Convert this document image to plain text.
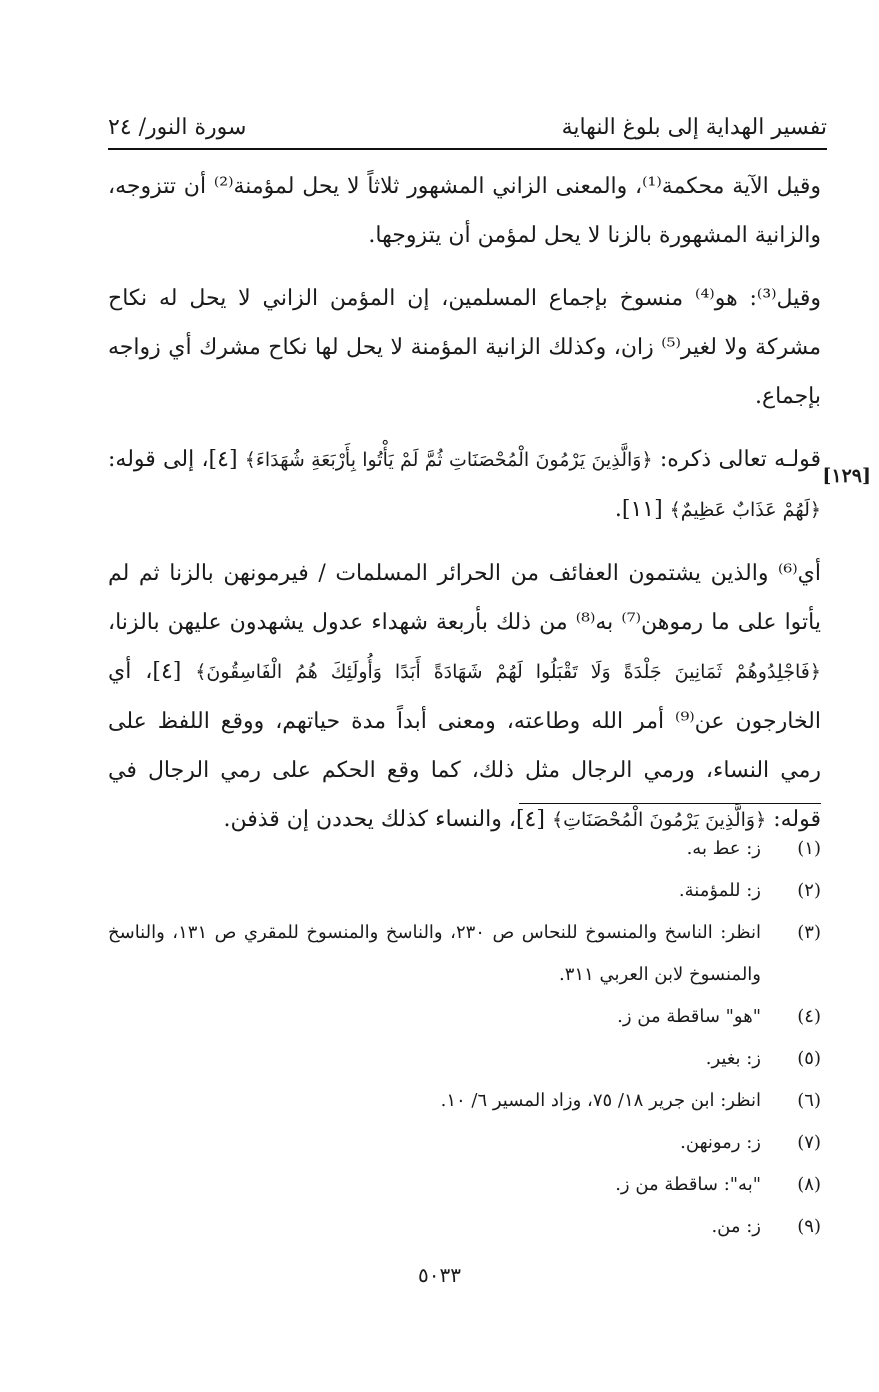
تفسير الهداية إلى بلوغ النهاية
سورة النور/ ٢٤

وقيل الآية محكمة⁽¹⁾، والمعنى الزاني المشهور ثلاثاً لا يحل لمؤمنة⁽²⁾ أن تتزوجه، والزانية المشهورة بالزنا لا يحل لمؤمن أن يتزوجها.

وقيل⁽³⁾: هو⁽⁴⁾ منسوخ بإجماع المسلمين، إن المؤمن الزاني لا يحل له نكاح مشركة ولا لغير⁽⁵⁾ زان، وكذلك الزانية المؤمنة لا يحل لها نكاح مشرك أي زواجه بإجماع.

قولـه تعالى ذكره: ﴿وَالَّذِينَ يَرْمُونَ الْمُحْصَنَاتِ ثُمَّ لَمْ يَأْتُوا بِأَرْبَعَةِ شُهَدَاءَ﴾ [٤]، إلى قوله: ﴿لَهُمْ عَذَابٌ عَظِيمٌ﴾ [١١].

أي⁽⁶⁾ والذين يشتمون العفائف من الحرائر المسلمات / فيرمونهن بالزنا ثم لم يأتوا على ما رموهن⁽⁷⁾ به⁽⁸⁾ من ذلك بأربعة شهداء عدول يشهدون عليهن بالزنا، ﴿فَاجْلِدُوهُمْ ثَمَانِينَ جَلْدَةً وَلَا تَقْبَلُوا لَهُمْ شَهَادَةً أَبَدًا وَأُولَئِكَ هُمُ الْفَاسِقُونَ﴾ [٤]، أي الخارجون عن⁽⁹⁾ أمر الله وطاعته، ومعنى أبداً مدة حياتهم، ووقع اللفظ على رمي النساء، ورمي الرجال مثل ذلك، كما وقع الحكم على رمي الرجال في قوله: ﴿وَالَّذِينَ يَرْمُونَ الْمُحْصَنَاتِ﴾ [٤]، والنساء كذلك يحددن إن قذفن.

[١٢٩]
(١)
ز: عط به.
(٢)
ز: للمؤمنة.
(٣)
انظر: الناسخ والمنسوخ للنحاس ص ٢٣٠، والناسخ والمنسوخ للمقري ص ١٣١، والناسخ والمنسوخ لابن العربي ٣١١.
(٤)
"هو" ساقطة من ز.
(٥)
ز: بغير.
(٦)
انظر: ابن جرير ١٨/ ٧٥، وزاد المسير ٦/ ١٠.
(٧)
ز: رمونهن.
(٨)
"به": ساقطة من ز.
(٩)
ز: من.
٥٠٣٣
